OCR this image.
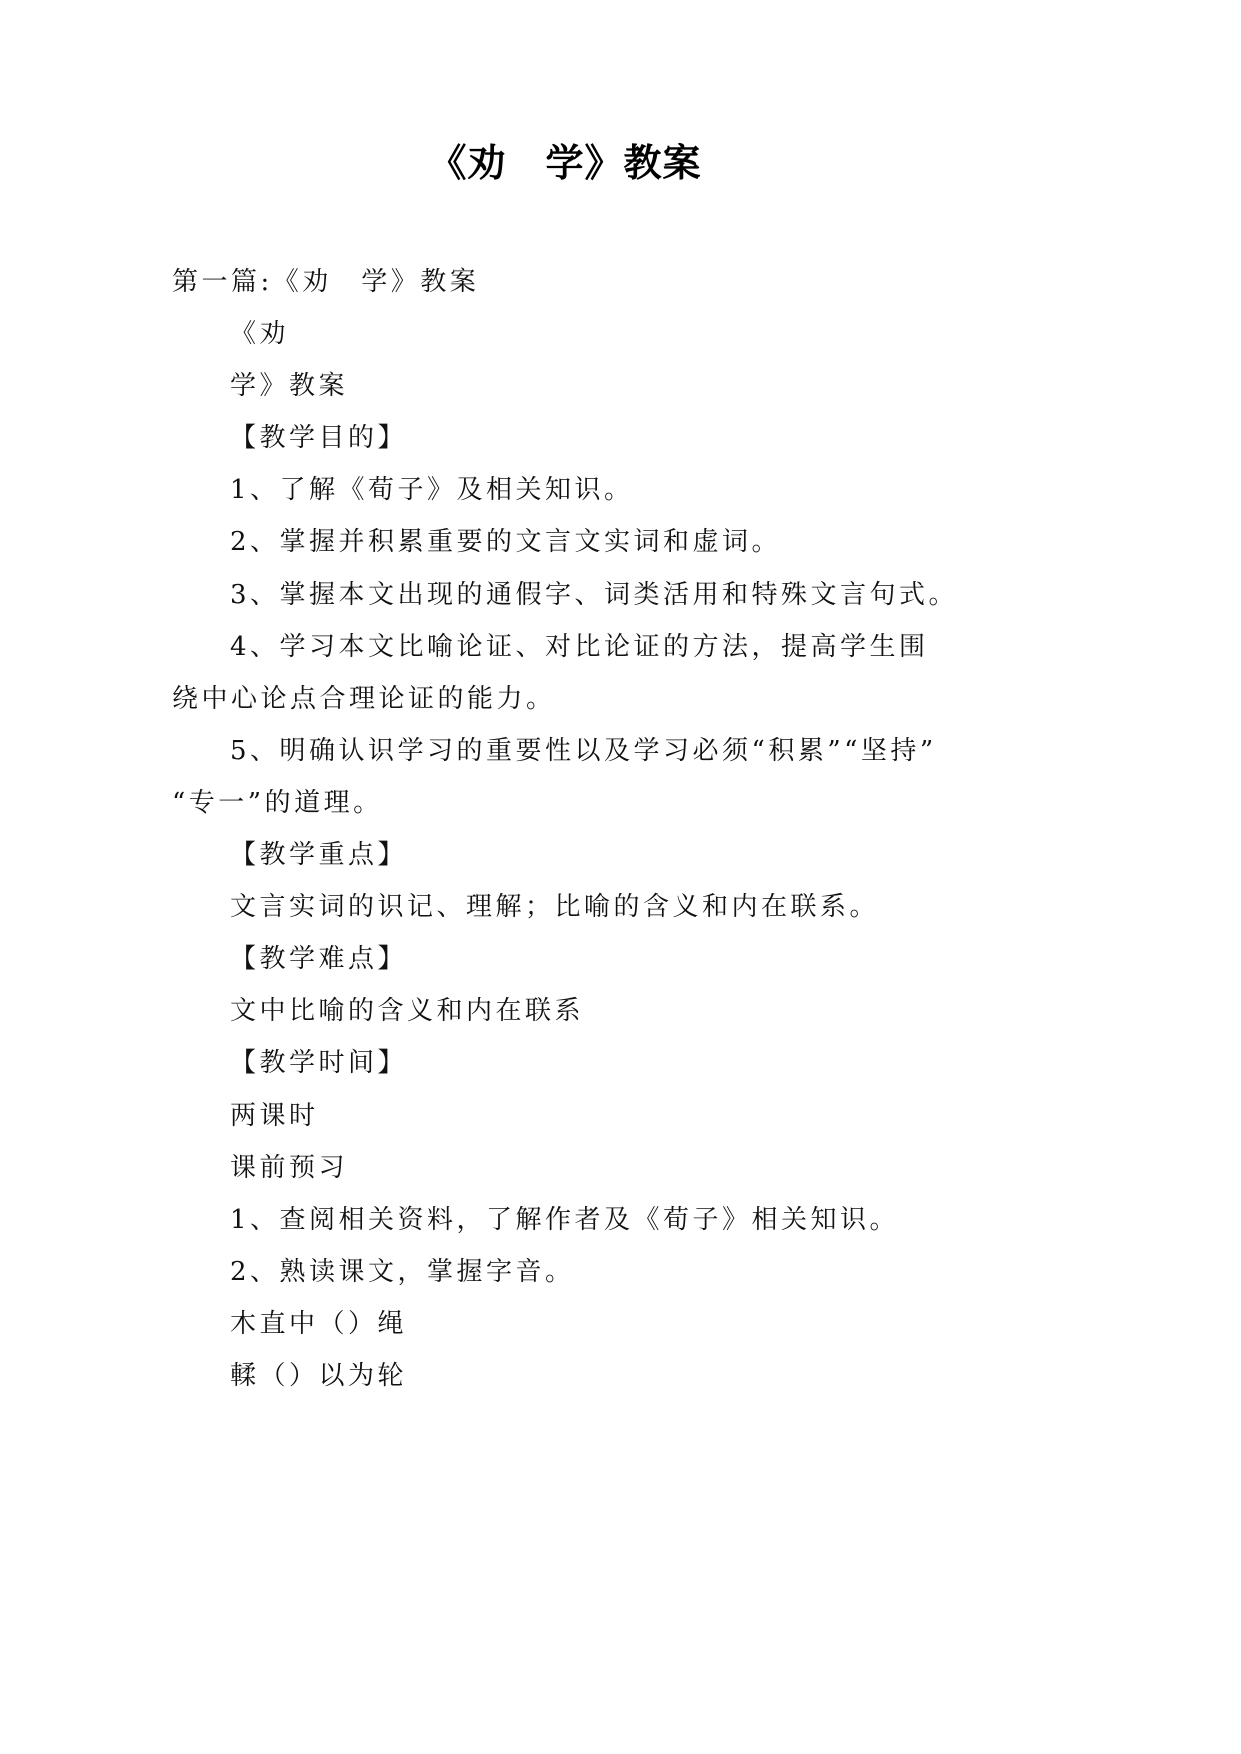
《劝　学》教案
第一篇:《劝　学》教案
《劝
学》教案
【教学目的】
1、了解《荀子》及相关知识。
2、掌握并积累重要的文言文实词和虚词。
3、掌握本文出现的通假字、词类活用和特殊文言句式。
4、学习本文比喻论证、对比论证的方法，提高学生围
绕中心论点合理论证的能力。
5、明确认识学习的重要性以及学习必须“积累”“坚持”
“专一”的道理。
【教学重点】
文言实词的识记、理解；比喻的含义和内在联系。
【教学难点】
文中比喻的含义和内在联系
【教学时间】
两课时
课前预习
1、查阅相关资料，了解作者及《荀子》相关知识。
2、熟读课文，掌握字音。
木直中（）绳
輮（）以为轮
